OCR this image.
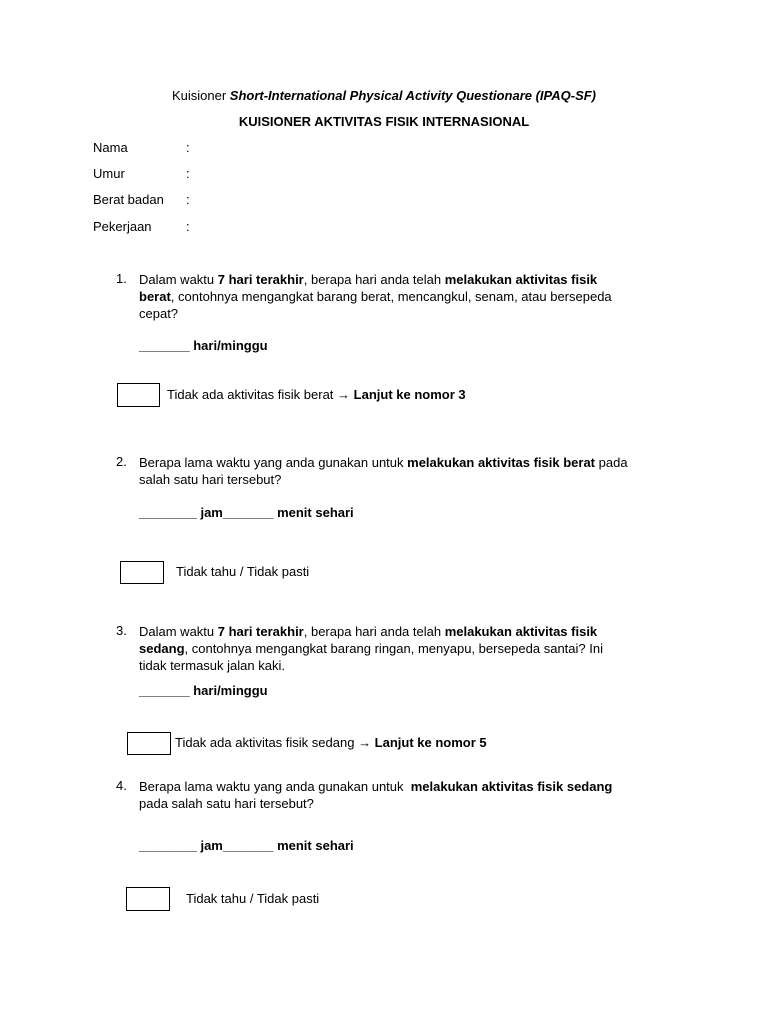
Kuisioner Short-International Physical Activity Questionare (IPAQ-SF)
KUISIONER AKTIVITAS FISIK INTERNASIONAL
Nama	:
Umur	:
Berat badan :
Pekerjaan	:
1. Dalam waktu 7 hari terakhir, berapa hari anda telah melakukan aktivitas fisik
berat, contohnya mengangkat barang berat, mencangkul, senam, atau bersepeda
cepat?
_______ hari/minggu
Tidak ada aktivitas fisik berat → Lanjut ke nomor 3
2. Berapa lama waktu yang anda gunakan untuk melakukan aktivitas fisik berat pada
salah satu hari tersebut?
________ jam_______ menit sehari
Tidak tahu / Tidak pasti
3. Dalam waktu 7 hari terakhir, berapa hari anda telah melakukan aktivitas fisik
sedang, contohnya mengangkat barang ringan, menyapu, bersepeda santai? Ini
tidak termasuk jalan kaki.
_______ hari/minggu
Tidak ada aktivitas fisik sedang → Lanjut ke nomor 5
4. Berapa lama waktu yang anda gunakan untuk  melakukan aktivitas fisik sedang
pada salah satu hari tersebut?
________ jam_______ menit sehari
Tidak tahu / Tidak pasti
